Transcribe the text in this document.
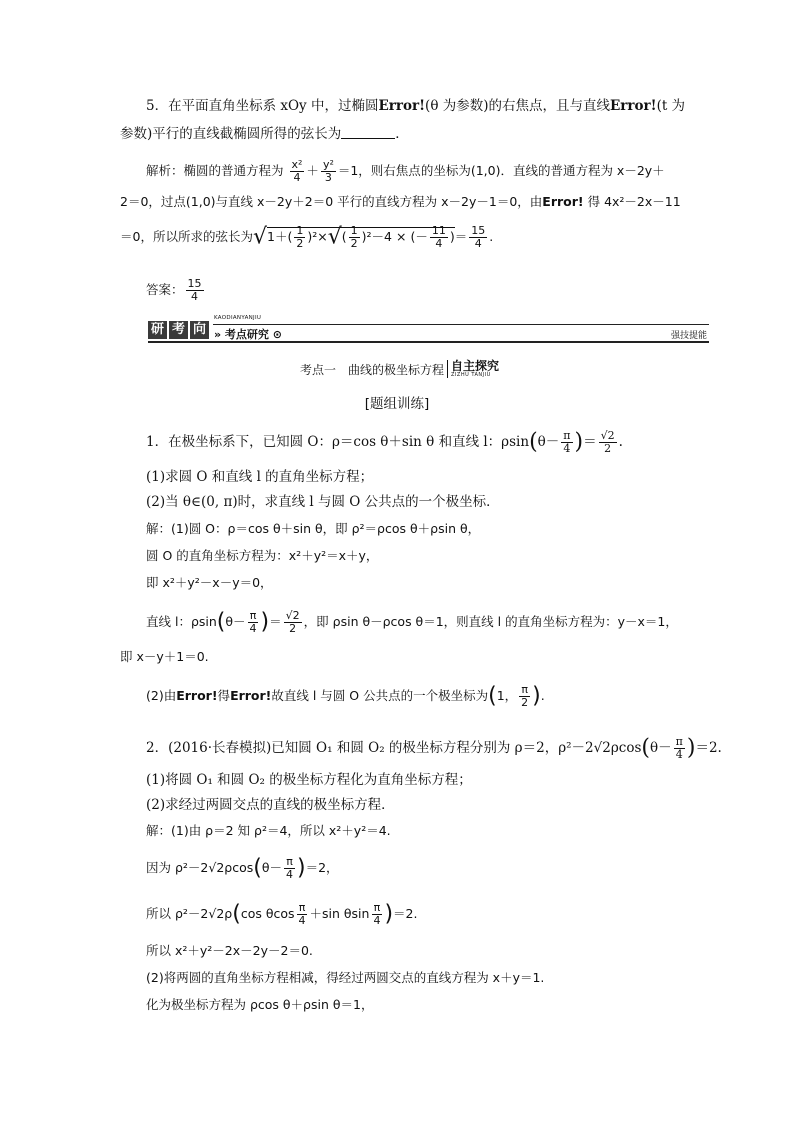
5．在平面直角坐标系 xOy 中，过椭圆Error!(θ 为参数)的右焦点，且与直线Error!(t 为
参数)平行的直线截椭圆所得的弦长为	．
解析：椭圆的普通方程为 $\frac{\text{x²}}{4} + \frac{\text{y²}}{3} =1$，则右焦点的坐标为(1,0)．直线的普通方程为 x－2y＋
2＝0，过点(1,0)与直线 x－2y＋2＝0 平行的直线方程为 x－2y－1＝0，由Error! 得 4x²－2x－11
＝0，所以所求的弦长为$√1+( \frac{1}{2} )^2\times√( \frac{1}{2} )^2-4$ × (－ $\frac{11}{4}$ )＝ $\frac{15}{4}$ .
答案： $\frac{15}{4}$
研 考 向
KAODIANYANJIU
» 考点研究 ⊙	强技提能
考点一　曲线的极坐标方程 自主探究
ZIZHU TANJIU
[题组训练]
1．在极坐标系下，已知圆 O：ρ＝cos θ＋sin θ 和直线 l：$\rho\sin(\theta- \frac{\pi}{4}$ )＝ $\frac{√2}{2}$ .
(1)求圆 O 和直线 l 的直角坐标方程；
(2)当 θ∈(0, π)时，求直线 l 与圆 O 公共点的一个极坐标．
解：(1)圆 O：ρ＝cos θ＋sin θ，即 ρ²＝ρcos θ＋ρsin θ，
圆 O 的直角坐标方程为：x²＋y²＝x＋y，
即 x²＋y²－x－y＝0，
直线 l：$\rho\sin(\theta- \frac{\pi}{4}$ )＝ $\frac{√2}{2}$ ，即 ρsin θ－ρcos θ＝1，则直线 l 的直角坐标方程为：y－x＝1，
即 x－y＋1＝0.
(2)由Error!得Error!故直线 l 与圆 O 公共点的一个极坐标为(1， $\frac{\pi}{2}$ ).
2．(2016·长春模拟)已知圆 O₁ 和圆 O₂ 的极坐标方程分别为 ρ＝2，$\rho^2-2√2\rho\cos(\theta- \frac{\pi}{4} )=2$.
(1)将圆 O₁ 和圆 O₂ 的极坐标方程化为直角坐标方程；
(2)求经过两圆交点的直线的极坐标方程．
解：(1)由 ρ＝2 知 ρ²＝4，所以 x²＋y²＝4.
因为 $\rho^2-2√2\rho\cos(\theta- \frac{\pi}{4} )=2$，
所以 ρ²－2√2ρ(cos θcos $\frac{\pi}{4} +\sin$ θsin $\frac{\pi}{4} )=2$.
所以 x²＋y²－2x－2y－2＝0.
(2)将两圆的直角坐标方程相减，得经过两圆交点的直线方程为 x＋y＝1.
化为极坐标方程为 ρcos θ＋ρsin θ＝1，
